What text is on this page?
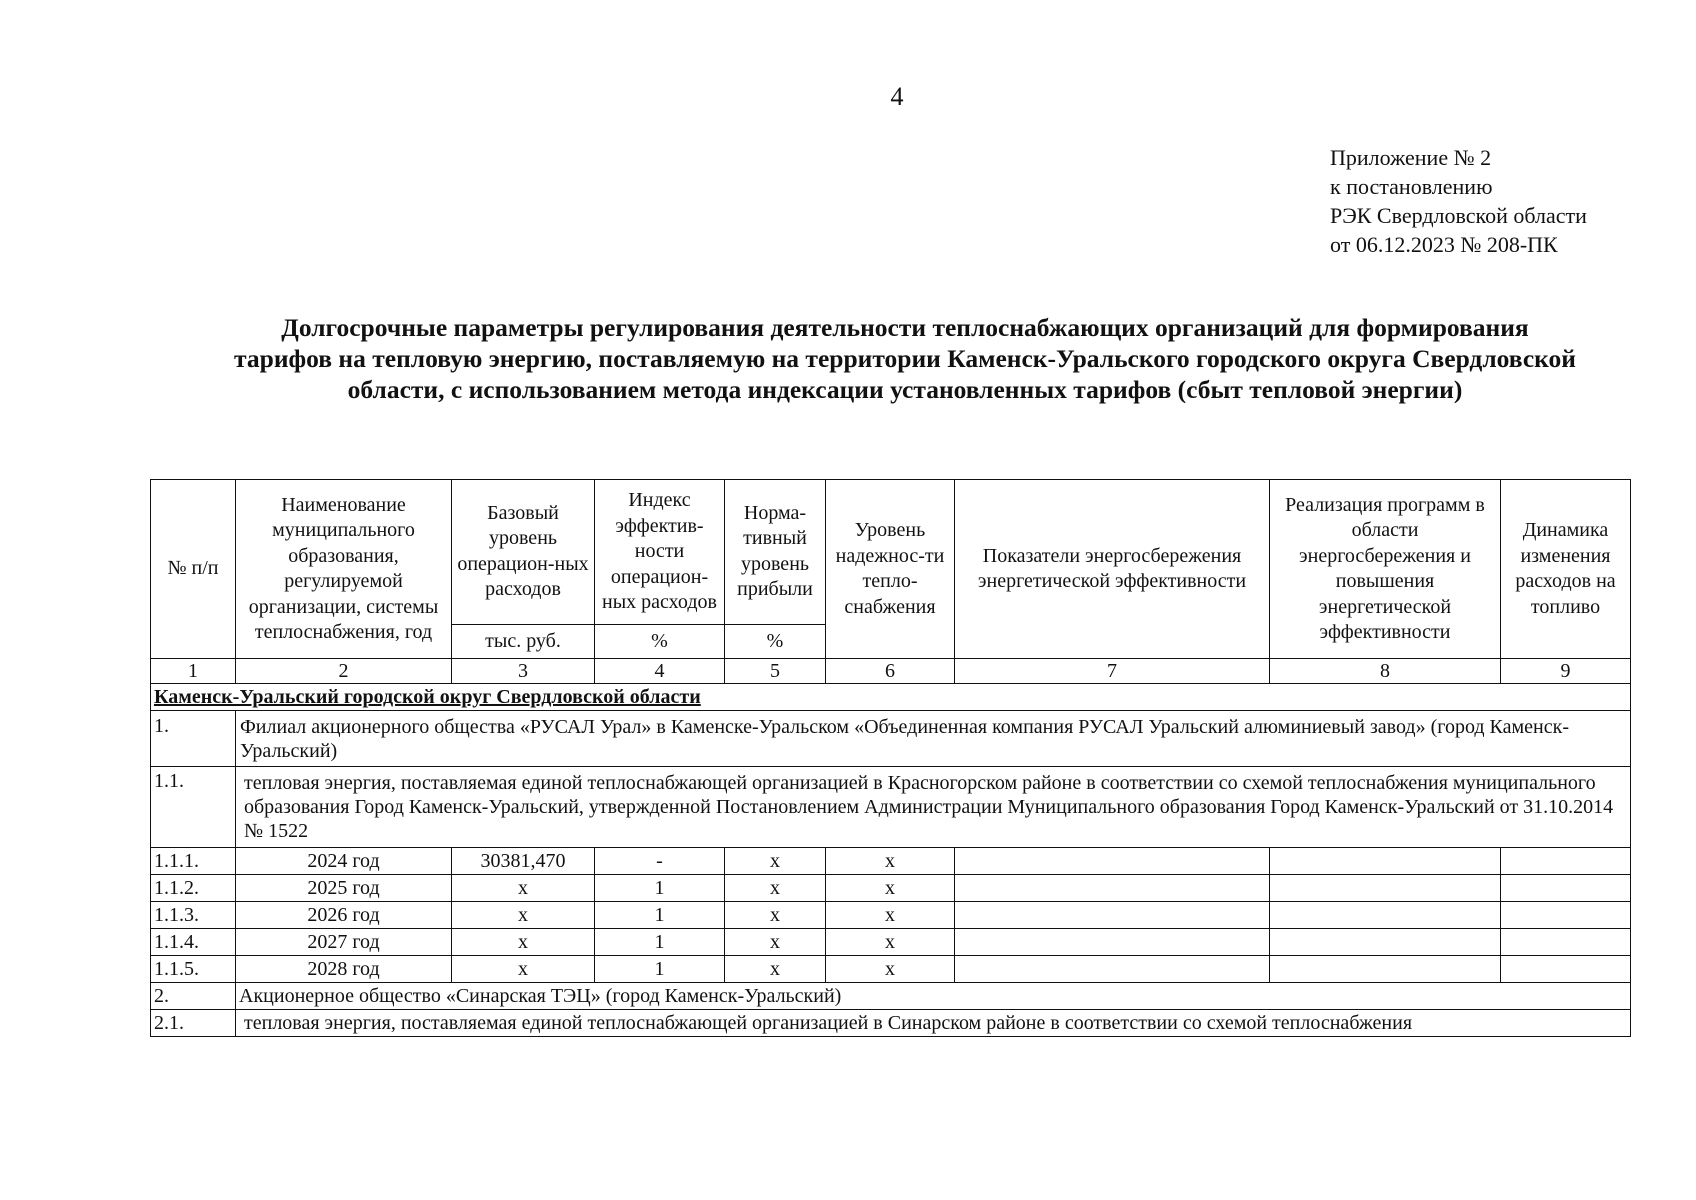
4
Приложение № 2
к постановлению
РЭК Свердловской области
от 06.12.2023 № 208-ПК
Долгосрочные параметры регулирования деятельности теплоснабжающих организаций для формирования
тарифов на тепловую энергию, поставляемую на территории Каменск-Уральского городского округа Свердловской
области, с использованием метода индексации установленных тарифов (сбыт тепловой энергии)
№ п/п	Наименование муниципального образования, регулируемой организации, системы теплоснабжения, год	Базовый уровень операцион-ных расходов	Индекс эффектив-ности операцион-ных расходов	Норма-тивный уровень прибыли	Уровень надежнос-ти тепло-снабжения	Показатели энергосбережения энергетической эффективности	Реализация программ в области энергосбережения и повышения энергетической эффективности	Динамика изменения расходов на топливо
		тыс. руб.	%	%				
1	2	3	4	5	6	7	8	9
Каменск-Уральский городской округ Свердловской области								
1.	Филиал акционерного общества «РУСАЛ Урал» в Каменске-Уральском «Объединенная компания РУСАЛ Уральский алюминиевый завод» (город Каменск-Уральский)							
1.1.	тепловая энергия, поставляемая единой теплоснабжающей организацией в Красногорском районе в соответствии со схемой теплоснабжения муниципального образования Город Каменск-Уральский, утвержденной Постановлением Администрации Муниципального образования Город Каменск-Уральский от 31.10.2014 № 1522							
1.1.1.	2024 год	30381,470	-	x	x			
1.1.2.	2025 год	x	1	x	x			
1.1.3.	2026 год	x	1	x	x			
1.1.4.	2027 год	x	1	x	x			
1.1.5.	2028 год	x	1	x	x			
2.	Акционерное общество «Синарская ТЭЦ» (город Каменск-Уральский)							
2.1.	тепловая энергия, поставляемая единой теплоснабжающей организацией в Синарском районе в соответствии со схемой теплоснабжения							
